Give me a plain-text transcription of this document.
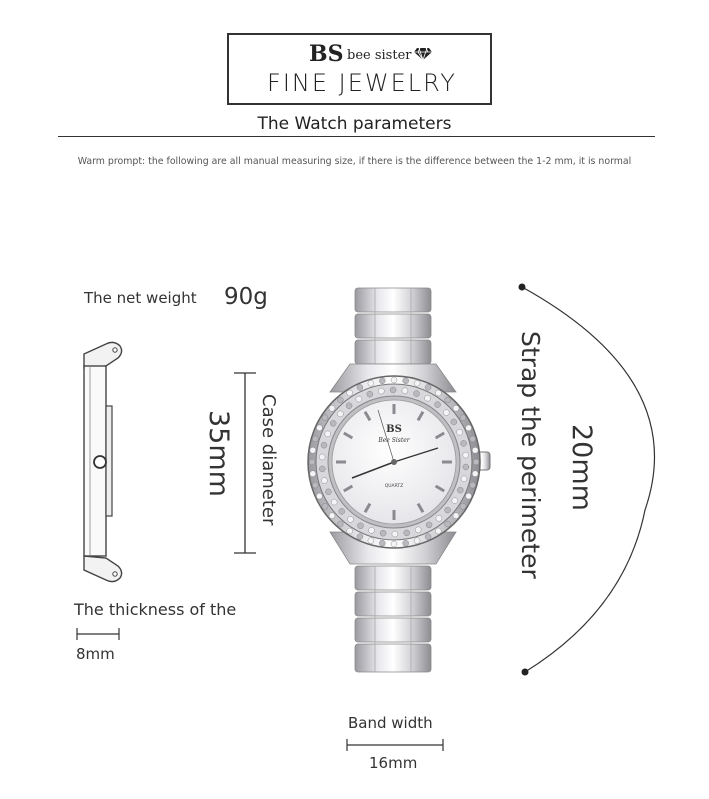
BS bee sister
FINE JEWELRY
The Watch parameters
Warm prompt: the following are all manual measuring size, if there is the difference between the 1-2 mm, it is normal
The net weight 90g
35mm Case diameter	BS
Bee Sister
QUARTZ	Strap the perimeter 20mm
The thickness of the
8mm
Band width
16mm
